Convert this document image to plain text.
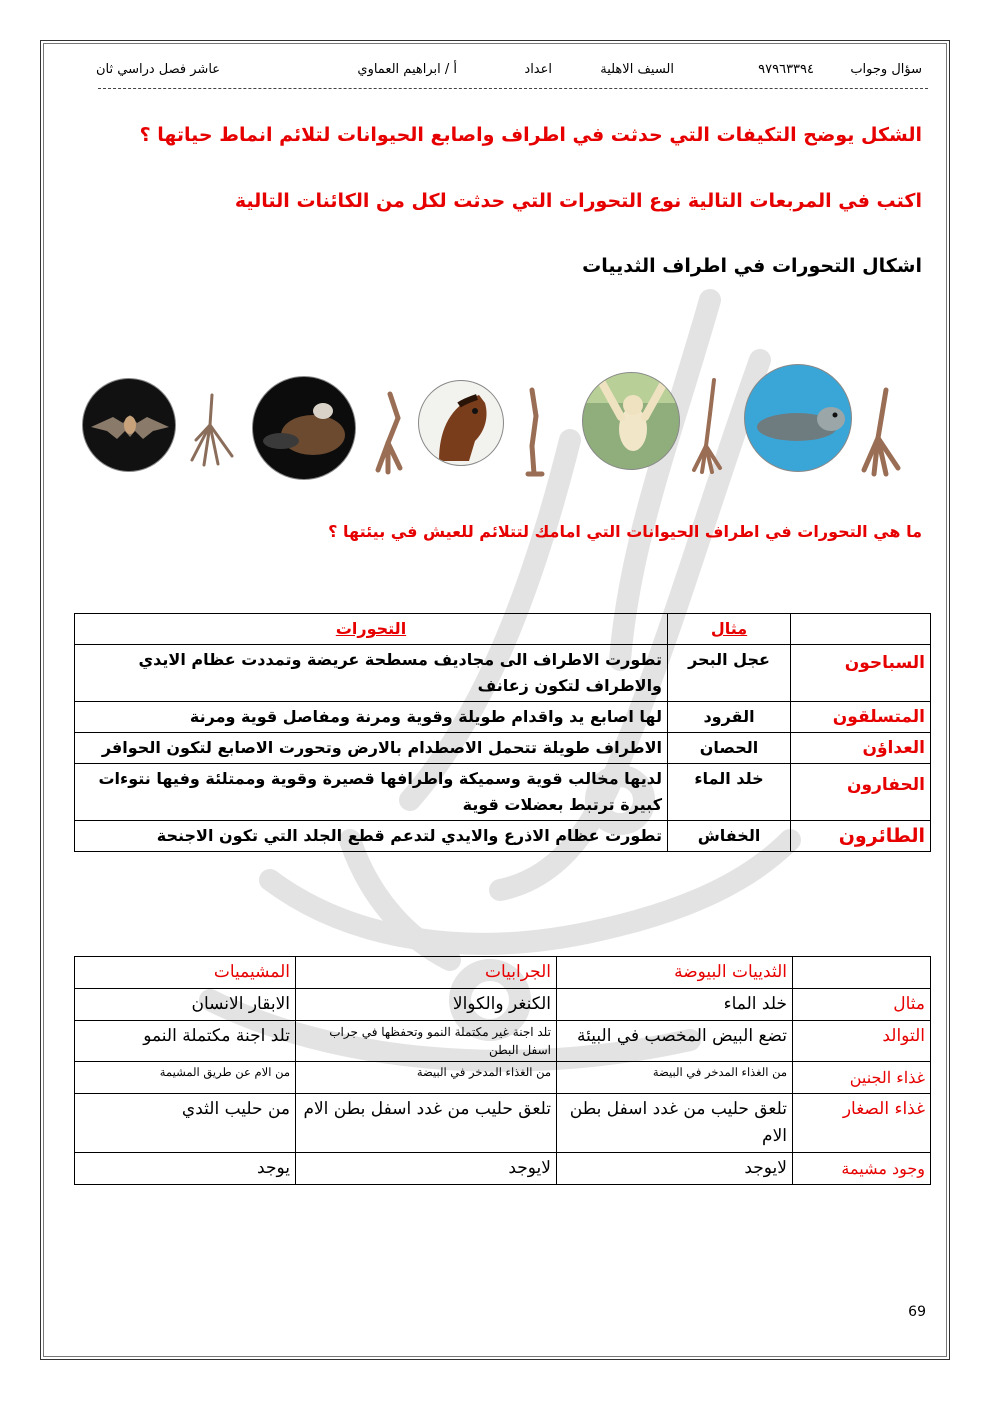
سؤال وجواب
٩٧٩٦٣٣٩٤
السيف الاهلية
اعداد
أ / ابراهيم العماوي
عاشر فصل دراسي ثان
الشكل يوضح التكيفات التي حدثت في اطراف واصابع الحيوانات لتلائم انماط حياتها ؟
اكتب في المربعات التالية نوع التحورات التي حدثت لكل من الكائنات التالية
اشكال التحورات في اطراف الثدييات
ما هي التحورات في اطراف الحيوانات التي امامك لتتلائم للعيش في بيئتها ؟
	مثال	التحورات
السباحون	عجل البحر	تطورت الاطراف الى مجاديف مسطحة عريضة وتمددت عظام الايدي والاطراف لتكون زعانف
المتسلقون	القرود	لها اصابع يد واقدام طويلة وقوية ومرنة ومفاصل قوية ومرنة
العداؤن	الحصان	الاطراف طويلة تتحمل الاصطدام بالارض وتحورت الاصابع لتكون الحوافر
الحفارون	خلد الماء	لديها مخالب قوية وسميكة واطرافها قصيرة وقوية وممتلئة وفيها نتوءات كبيرة ترتبط بعضلات قوية
الطائرون	الخفاش	تطورت عظام الاذرع والايدي لتدعم قطع الجلد التي تكون الاجنحة
	الثدييات البيوضة	الجرابيات	المشيميات
مثال	خلد الماء	الكنغر والكوالا	الابقار الانسان
التوالد	تضع البيض المخصب في البيئة	تلد اجنة غير مكتملة النمو وتحفظها في جراب اسفل البطن	تلد اجنة مكتملة النمو
غذاء الجنين	من الغذاء المدخر في البيضة	من الغذاء المدخر في البيضة	من الام عن طريق المشيمة
غذاء الصغار	تلعق حليب من غدد اسفل بطن الام	تلعق حليب من غدد اسفل بطن الام	من حليب الثدي
وجود مشيمة	لايوجد	لايوجد	يوجد
69
